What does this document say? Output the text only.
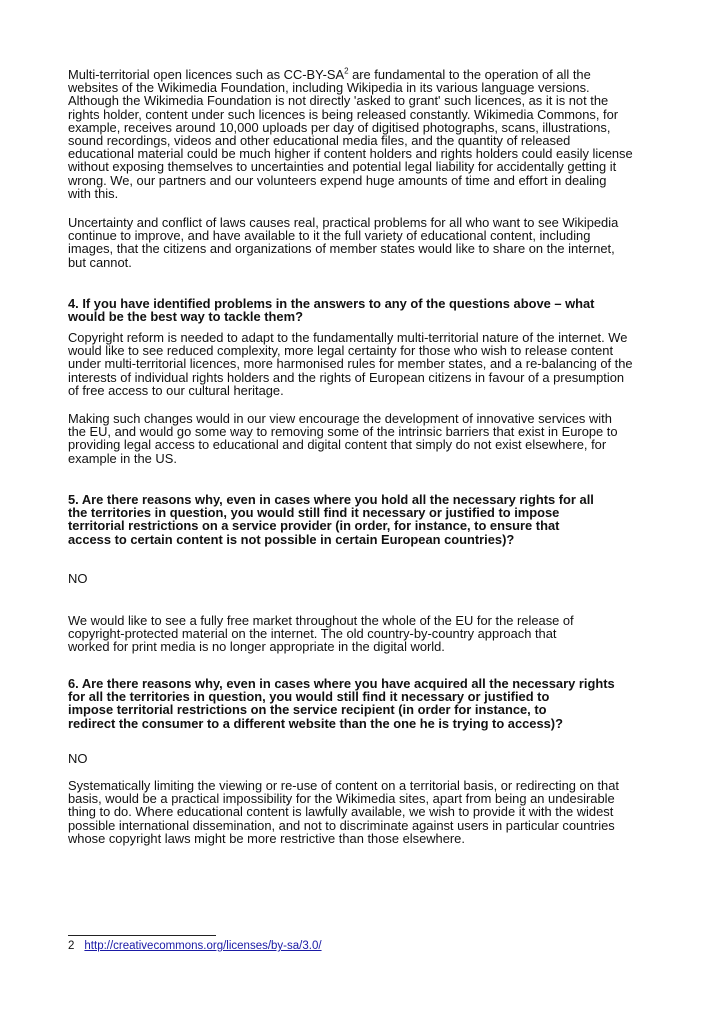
Multi-territorial open licences such as CC-BY-SA$^2$ are fundamental to the operation of all the
websites of the Wikimedia Foundation, including Wikipedia in its various language versions.
Although the Wikimedia Foundation is not directly 'asked to grant' such licences, as it is not the
rights holder, content under such licences is being released constantly. Wikimedia Commons, for
example, receives around 10,000 uploads per day of digitised photographs, scans, illustrations,
sound recordings, videos and other educational media files, and the quantity of released
educational material could be much higher if content holders and rights holders could easily license
without exposing themselves to uncertainties and potential legal liability for accidentally getting it
wrong. We, our partners and our volunteers expend huge amounts of time and effort in dealing
with this.

Uncertainty and conflict of laws causes real, practical problems for all who want to see Wikipedia
continue to improve, and have available to it the full variety of educational content, including
images, that the citizens and organizations of member states would like to share on the internet,
but cannot.

4. If you have identified problems in the answers to any of the questions above – what
would be the best way to tackle them?

Copyright reform is needed to adapt to the fundamentally multi-territorial nature of the internet. We
would like to see reduced complexity, more legal certainty for those who wish to release content
under multi-territorial licences, more harmonised rules for member states, and a re-balancing of the
interests of individual rights holders and the rights of European citizens in favour of a presumption
of free access to our cultural heritage.

Making such changes would in our view encourage the development of innovative services with
the EU, and would go some way to removing some of the intrinsic barriers that exist in Europe to
providing legal access to educational and digital content that simply do not exist elsewhere, for
example in the US.

5. Are there reasons why, even in cases where you hold all the necessary rights for all
the territories in question, you would still find it necessary or justified to impose
territorial restrictions on a service provider (in order, for instance, to ensure that
access to certain content is not possible in certain European countries)?

NO

We would like to see a fully free market throughout the whole of the EU for the release of
copyright-protected material on the internet. The old country-by-country approach that
worked for print media is no longer appropriate in the digital world.

6. Are there reasons why, even in cases where you have acquired all the necessary rights
for all the territories in question, you would still find it necessary or justified to
impose territorial restrictions on the service recipient (in order for instance, to
redirect the consumer to a different website than the one he is trying to access)?

NO

Systematically limiting the viewing or re-use of content on a territorial basis, or redirecting on that
basis, would be a practical impossibility for the Wikimedia sites, apart from being an undesirable
thing to do. Where educational content is lawfully available, we wish to provide it with the widest
possible international dissemination, and not to discriminate against users in particular countries
whose copyright laws might be more restrictive than those elsewhere.

2 http://creativecommons.org/licenses/by-sa/3.0/
